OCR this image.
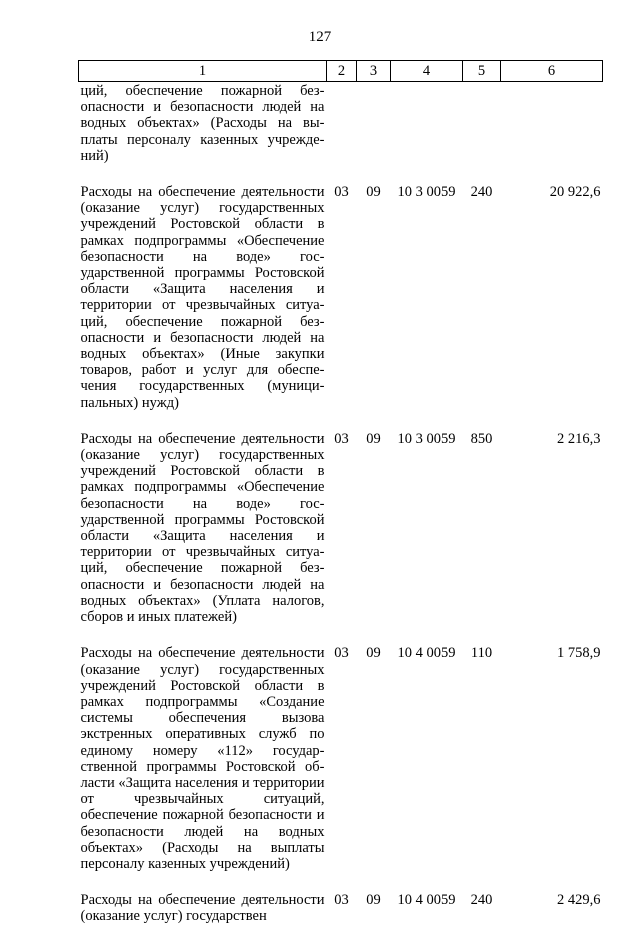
127
1	2	3	4	5	6
ций, обеспечение пожарной безопасности и безопасности людей на водных объектах» (Расходы на выплаты персоналу казенных учреждений)					
Расходы на обеспечение деятельности (оказание услуг) государственных учреждений Ростовской области в рамках подпрограммы «Обеспечение безопасности на воде» государственной программы Ростовской области «Защита населения и территории от чрезвычайных ситуаций, обеспечение пожарной безопасности и безопасности людей на водных объектах» (Иные закупки товаров, работ и услуг для обеспечения государственных (муниципальных) нужд)	03	09	10 3 0059	240	20 922,6
Расходы на обеспечение деятельности (оказание услуг) государственных учреждений Ростовской области в рамках подпрограммы «Обеспечение безопасности на воде» государственной программы Ростовской области «Защита населения и территории от чрезвычайных ситуаций, обеспечение пожарной безопасности и безопасности людей на водных объектах» (Уплата налогов, сборов и иных платежей)	03	09	10 3 0059	850	2 216,3
Расходы на обеспечение деятельности (оказание услуг) государственных учреждений Ростовской области в рамках подпрограммы «Создание системы обеспечения вызова экстренных оперативных служб по единому номеру «112» государственной программы Ростовской области «Защита населения и территории от чрезвычайных ситуаций, обеспечение пожарной безопасности и безопасности людей на водных объектах» (Расходы на выплаты персоналу казенных учреждений)	03	09	10 4 0059	110	1 758,9
Расходы на обеспечение деятельности (оказание услуг) государствен	03	09	10 4 0059	240	2 429,6
